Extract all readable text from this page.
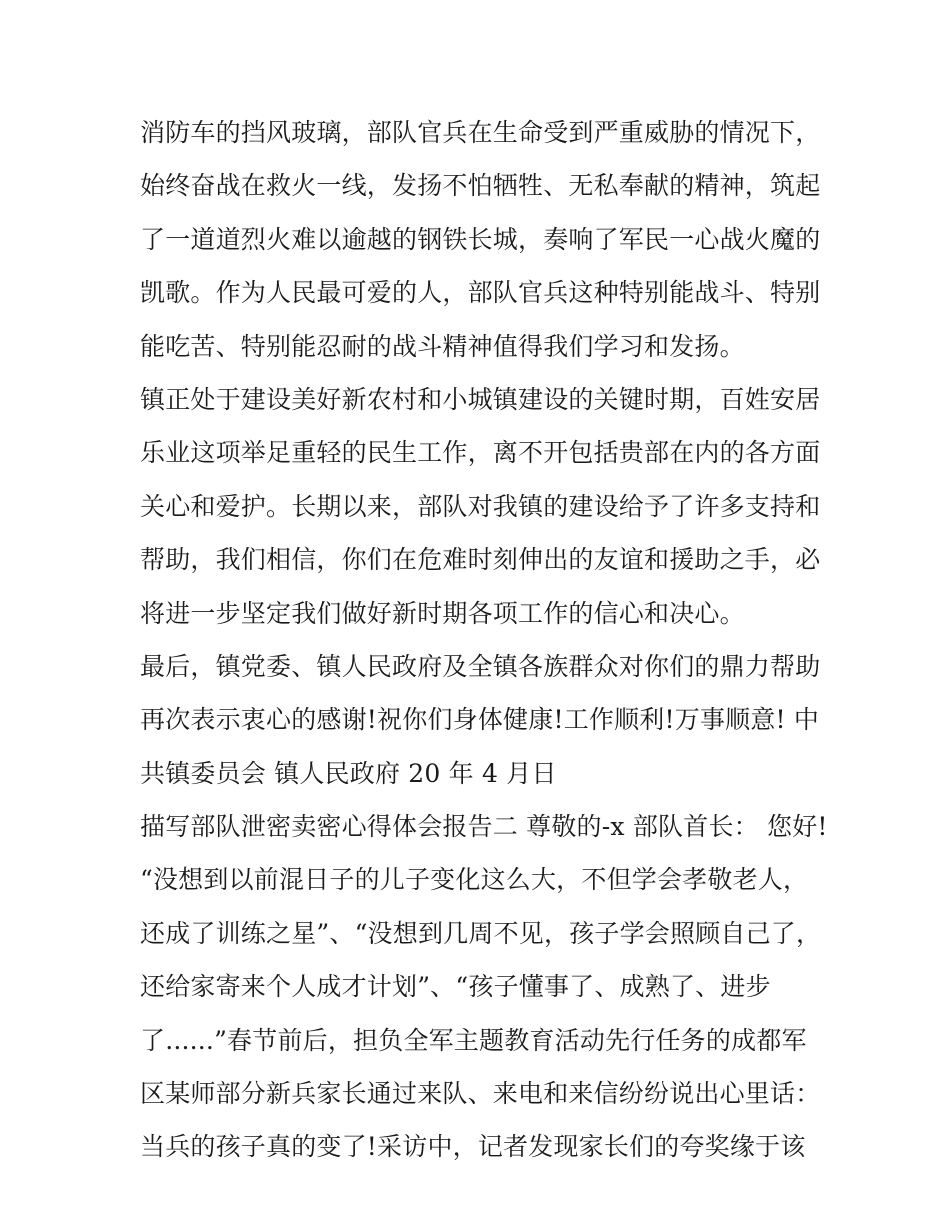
消防车的挡风玻璃，部队官兵在生命受到严重威胁的情况下，
始终奋战在救火一线，发扬不怕牺牲、无私奉献的精神，筑起
了一道道烈火难以逾越的钢铁长城，奏响了军民一心战火魔的
凯歌。作为人民最可爱的人，部队官兵这种特别能战斗、特别
能吃苦、特别能忍耐的战斗精神值得我们学习和发扬。
镇正处于建设美好新农村和小城镇建设的关键时期，百姓安居
乐业这项举足重轻的民生工作，离不开包括贵部在内的各方面
关心和爱护。长期以来，部队对我镇的建设给予了许多支持和
帮助，我们相信，你们在危难时刻伸出的友谊和援助之手，必
将进一步坚定我们做好新时期各项工作的信心和决心。
最后，镇党委、镇人民政府及全镇各族群众对你们的鼎力帮助
再次表示衷心的感谢!祝你们身体健康!工作顺利!万事顺意! 中
共镇委员会 镇人民政府 20 年 4 月日
描写部队泄密卖密心得体会报告二 尊敬的-x 部队首长： 您好!
“没想到以前混日子的儿子变化这么大，不但学会孝敬老人，
还成了训练之星”、“没想到几周不见，孩子学会照顾自己了，
还给家寄来个人成才计划”、“孩子懂事了、成熟了、进步
了......”春节前后，担负全军主题教育活动先行任务的成都军
区某师部分新兵家长通过来队、来电和来信纷纷说出心里话：
当兵的孩子真的变了!采访中，记者发现家长们的夸奖缘于该
